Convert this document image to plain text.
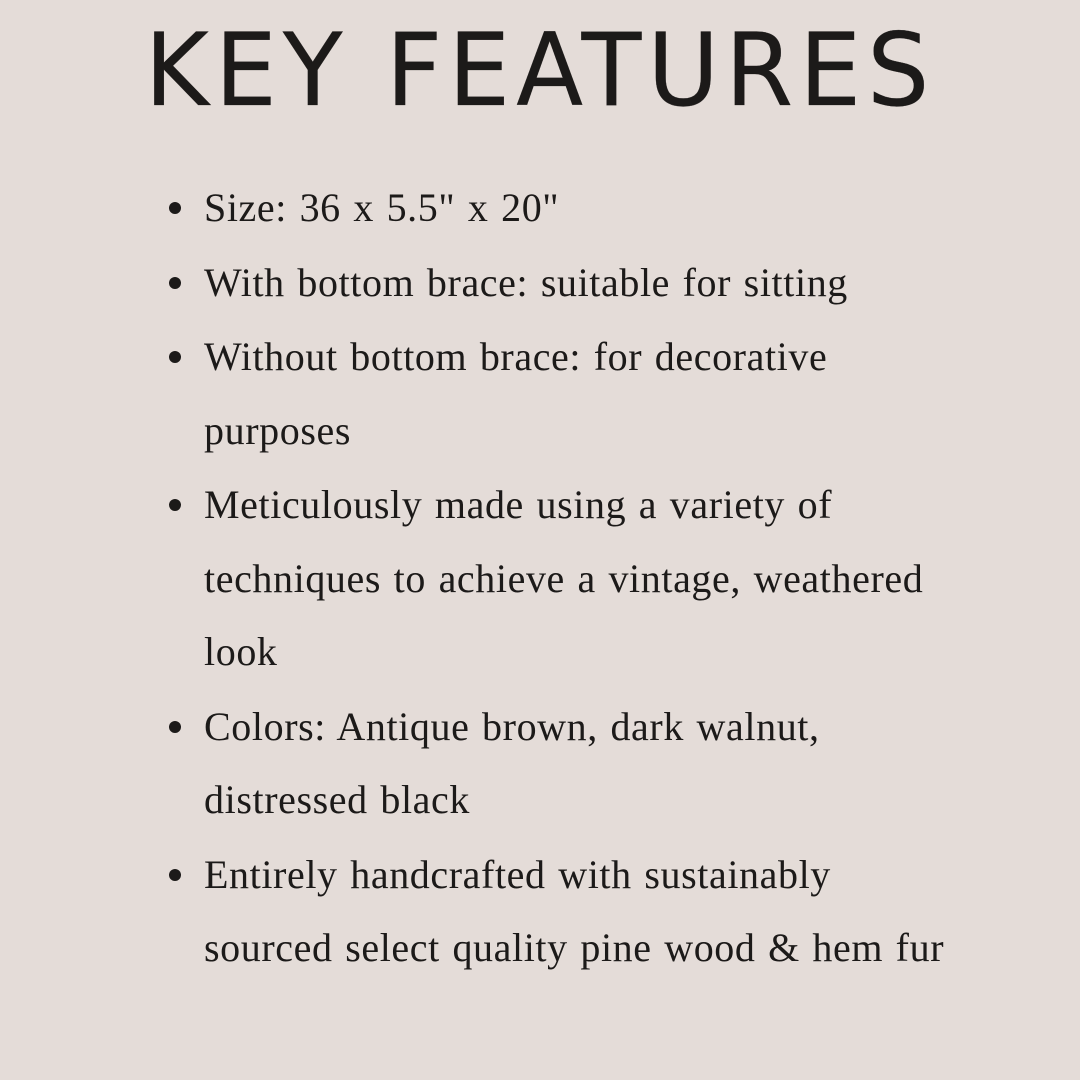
KEY FEATURES
Size: 36 x 5.5" x 20"
With bottom brace: suitable for sitting
Without bottom brace: for decorative purposes
Meticulously made using a variety of techniques to achieve a vintage, weathered look
Colors: Antique brown, dark walnut, distressed black
Entirely handcrafted with sustainably sourced select quality pine wood & hem fur
